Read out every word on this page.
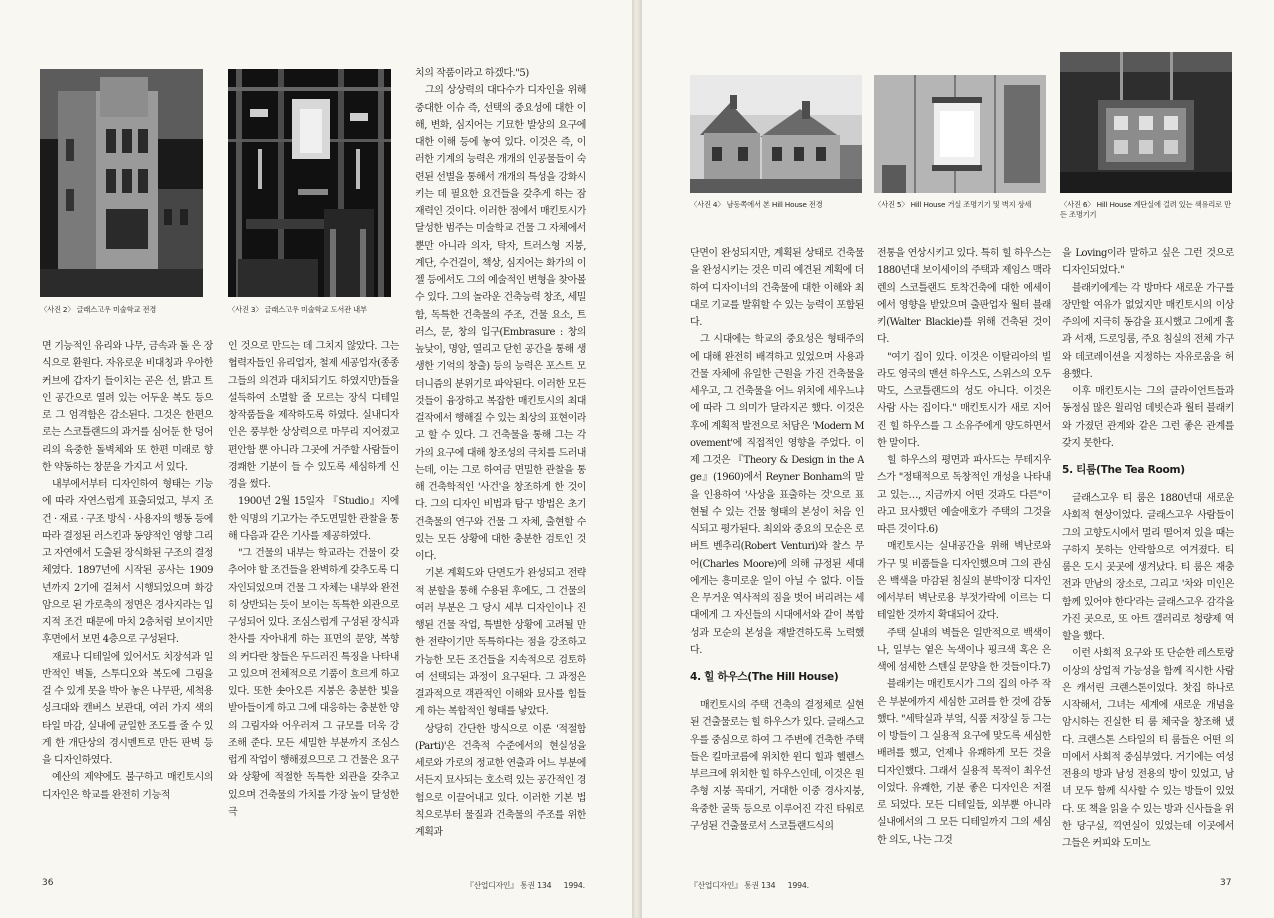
〈사진 2〉 글래스고우 미술학교 전경	〈사진 3〉 글래스고우 미술학교 도서관 내부

면 기능적인 유리와 나무, 금속과 돌 은 장식으로 환원다. 자유로운 비대칭과 우아한 커브에 갑자기 들이치는 곧은 선, 밝고 트인 공간으로 열려 있는 어두운 복도 등으로 그 엄격함은 감소된다. 그것은 한편으로는 스코틀랜드의 과거를 심어둔 한 덩어리의 육중한 돌벽체와 또 한편 미래로 향한 약동하는 창문을 가지고 서 있다.

내부에서부터 디자인하여 형태는 기능에 따라 자연스럽게 표출되었고, 부지 조건 · 재료 · 구조 방식 · 사용자의 행동 등에 따라 결정된 러스킨과 동양적인 영향 그리고 자연에서 도출된 장식화된 구조의 결정체였다. 1897년에 시작된 공사는 1909년까지 2기에 걸쳐서 시행되었으며 화강암으로 된 가로축의 정면은 경사지라는 입지적 조건 때문에 마치 2층처럼 보이지만 후면에서 보면 4층으로 구성된다.

재료나 디테일에 있어서도 치장석과 일반적인 벽돌, 스투디오와 복도에 그림을 걸 수 있게 못을 박아 놓은 나무판, 세척용 싱크대와 캔버스 보관대, 여러 가지 색의 타일 마감, 실내에 균일한 조도를 줄 수 있게 한 개단상의 경시멘트로 만든 판벽 등을 디자인하였다.

예산의 제약에도 불구하고 매킨토시의 디자인은 학교를 완전히 기능적

인 것으로 만드는 데 그치지 않았다. 그는 협력자들인 유리업자, 철제 세공업자(종종 그들의 의견과 대치되기도 하였지만)들을 설득하여 소멸할 줄 모르는 장식 디테일 창작품들을 제작하도록 하였다. 실내디자인은 풍부한 상상력으로 마무리 지어졌고 편안함 뿐 아니라 그곳에 거주할 사람들이 경쾌한 기분이 들 수 있도록 세심하게 신경을 썼다.

1900년 2월 15일자 『Studio』지에 한 익명의 기고가는 주도면밀한 관찰을 통해 다음과 같은 기사를 제공하였다.

"그 건물의 내부는 학교라는 건물이 갖추어야 할 조건들을 완벽하게 갖추도록 디자인되었으며 건물 그 자체는 내부와 완전히 상반되는 듯이 보이는 독특한 외관으로 구성되어 있다. 조심스럽게 구성된 장식과 찬사를 자아내게 하는 표면의 문양, 복향의 커다란 창들은 두드러진 특징을 나타내고 있으며 전체적으로 기품이 흐르게 하고 있다. 또한 솟아오른 지붕은 충분한 빛을 받아들이게 하고 그에 대응하는 충분한 양의 그림자와 어우러져 그 규모를 더욱 강조해 준다. 모든 세밀한 부분까지 조심스럽게 작업이 행해졌으므로 그 건물은 요구와 상황에 적절한 독특한 외관을 갖추고 있으며 건축물의 가치를 가장 높이 달성한 극

치의 작품이라고 하겠다."5)

그의 상상력의 대다수가 디자인을 위해 중대한 이슈 즉, 선택의 중요성에 대한 이해, 변화, 심지어는 기묘한 발상의 요구에 대한 이해 등에 놓여 있다. 이것은 즉, 이러한 기계의 능력은 개개의 인공물들이 숙련된 선별을 통해서 개개의 특성을 강화시키는 데 필요한 요건들을 갖추게 하는 잠재력인 것이다. 이러한 점에서 매킨토시가 달성한 범주는 미술학교 건물 그 자체에서뿐만 아니라 의자, 탁자, 트러스형 지붕, 계단, 수건걸이, 책상, 심지어는 화가의 이젤 등에서도 그의 예술적인 변형을 찾아볼 수 있다. 그의 놀라운 건축능력 창조, 세밀함, 독특한 건축물의 주조, 건물 요소, 트러스, 문, 창의 입구(Embrasure : 창의 높낮이, 명암, 열리고 닫힌 공간을 통해 생생한 기억의 창출) 등의 능력은 포스트 모더니즘의 분위기로 파악된다. 이러한 모든 것들이 융장하고 복잡한 매킨토시의 최대 걸작에서 행해질 수 있는 최상의 표현이라고 할 수 있다. 그 건축물을 통해 그는 각가의 요구에 대해 창조성의 극치를 드러내는데, 이는 그로 하여금 면밀한 관찰을 통해 건축학적인 '사건'을 창조하게 한 것이다. 그의 디자인 비법과 탐구 방법은 초기 건축물의 연구와 건물 그 자체, 출현할 수 있는 모든 상황에 대한 충분한 검토인 것이다.

기본 계획도와 단면도가 완성되고 전략적 분할을 통해 수용된 후에도, 그 건물의 여러 부분은 그 당시 세부 디자인이나 진행된 건물 작업, 특별한 상황에 고려될 만한 전략이기만 독특하다는 점을 강조하고 가능한 모든 조건들을 지속적으로 검토하여 선택되는 과정이 요구된다. 그 과정은 결과적으로 객관적인 이해와 묘사를 힘들게 하는 복합적인 형태를 낳았다.

상당히 간단한 방식으로 이룬 '적절함(Parti)'은 건축적 수준에서의 현실성을 세로와 가로의 정교한 연출과 어느 부분에서든지 묘사되는 호소력 있는 공간적인 경험으로 이끌어내고 있다. 이러한 기본 법칙으로부터 물질과 건축물의 주조를 위한 계획과

36	『산업디자인』 통권 134 1994.
〈사진 4〉 남동쪽에서 본 Hill House 전경	〈사진 5〉 Hill House 거실 조명기기 및 벽지 상세	〈사진 6〉 Hill House 계단실에 걸려 있는 색유리로 만든 조명기기

단면이 완성되지만, 계획된 상태로 건축물을 완성시키는 것은 미리 예견된 계획에 더하여 디자이너의 건축물에 대한 이해와 최대로 기교를 발휘할 수 있는 능력이 포함된다.

그 시대에는 학교의 중요성은 형태주의에 대해 완전히 배격하고 있었으며 사용과 건물 자체에 유일한 근원을 가진 건축물을 세우고, 그 건축물을 어느 위치에 세우느냐에 따라 그 의미가 달라지곤 했다. 이것은 후에 계획적 발전으로 처담은 'Modern Movement'에 직접적인 영향을 주었다. 이제 그것은 『Theory & Design in the Age』(1960)에서 Reyner Bonham의 말을 인용하여 '사상을 표출하는 것'으로 표현될 수 있는 건물 형태의 본성이 처음 인식되고 평가된다. 최외와 중요의 모순은 로버트 벤추리(Robert Venturi)와 찰스 무어(Charles Moore)에 의해 규정된 세대에게는 흥미로운 일이 아닐 수 없다. 이들은 무거운 역사적의 짐을 벗어 버리려는 세대에게 그 자신들의 시대에서와 같이 복합성과 모순의 본성을 재발견하도록 노력했다.

4. 힐 하우스(The Hill House)

매킨토시의 주택 건축의 결정체로 실현된 건출물로는 힐 하우스가 있다. 글래스고우를 중심으로 하여 그 주변에 건축한 주택들은 킬마코름에 위치한 윈디 힐과 헬렌스부르크에 위치한 힐 하우스인데, 이것은 원추형 지붕 꼭대기, 거대한 이중 경사지붕, 육중한 굴뚝 등으로 이루어진 각진 타워로 구성된 건출물로서 스코틀랜드식의

전통을 연상시키고 있다. 특히 힐 하우스는 1880년대 보이세이의 주택과 제임스 맥라렌의 스코틀랜드 토착건축에 대한 에세이에서 영향을 받았으며 출판업자 월터 블래키(Walter Blackie)를 위해 건축된 것이다.

"여기 집이 있다. 이것은 이탈리아의 빌라도 영국의 맨션 하우스도, 스위스의 오두막도, 스코틀랜드의 성도 아니다. 이것은 사람 사는 집이다." 매킨토시가 새로 지어진 힐 하우스를 그 소유주에게 양도하면서 한 말이다.

힐 하우스의 평면과 파사드는 무테지우스가 "정태적으로 독창적인 개성을 나타내고 있는…, 지금까지 어떤 것과도 다른"이라고 묘사했던 예술애호가 주택의 그것을 따른 것이다.6)

매킨토시는 실내공간을 위해 벽난로와 가구 및 비품들을 디자인했으며 그의 관심은 백색을 마감된 침실의 분박이장 디자인에서부터 벽난로용 부젓가락에 이르는 디테일한 것까지 확대되어 갔다.

주택 실내의 벽들은 일반적으로 백색이나, 일부는 옅은 녹색이나 핑크색 혹은 은색에 섬세한 스텐실 문양을 한 것들이다.7)

블래키는 매킨토시가 그의 집의 아주 작은 부분에까지 세심한 고려를 한 것에 감동했다. "세탁실과 부엌, 식품 저장실 등 그는 이 방들이 그 실용적 요구에 맞도록 세심한 배려를 했고, 언제나 유쾌하게 모든 것을 디자인했다. 그래서 실용적 목적이 최우선이었다. 유쾌한, 기분 좋은 디자인은 저절로 되었다. 모든 디테일들, 외부뿐 아니라 실내에서의 그 모든 디테일까지 그의 세심한 의도, 나는 그것

을 Loving이라 말하고 싶은 그런 것으로 디자인되었다."

블래키에게는 각 방마다 새로운 가구를 장만할 여유가 없었지만 매킨토시의 이상주의에 지극히 동감을 표시했고 그에게 홀과 서재, 드로잉룸, 주요 침실의 전체 가구와 데코레이션을 지정하는 자유로움을 허용했다.

이후 매킨토시는 그의 클라이언트들과 동정심 많은 윌리엄 데빗슨과 월터 블래키와 가졌던 관계와 같은 그런 좋은 관계를 갖지 못한다.

5. 티룸(The Tea Room)

글래스고우 티 룸은 1880년대 새로운 사회적 현상이었다. 글래스고우 사람들이 그의 고향도시에서 멀리 떨어져 있을 때는 구하지 못하는 안락함으로 여겨졌다. 티 룸은 도시 곳곳에 생겨났다. 티 룸은 재충전과 만남의 장소로, 그리고 '차와 미인은 함께 있어야 한다'라는 글래스고우 감각을 가진 곳으로, 또 아트 갤러리로 청량제 역할을 했다.

이런 사회적 요구와 또 단순한 레스토랑 이상의 상업적 가능성을 함께 직시한 사람은 캐서린 크랜스톤이었다. 찻집 하나로 시작해서, 그녀는 세계에 새로운 개념을 암시하는 진실한 티 룸 체국을 창조해 냈다. 크랜스톤 스타일의 티 룸들은 어떤 의미에서 사회적 중심부였다. 거기에는 여성 전용의 방과 남성 전용의 방이 있었고, 남녀 모두 함께 식사할 수 있는 방들이 있었다. 또 책을 읽을 수 있는 방과 신사들을 위한 당구실, 끽연실이 있었는데 이곳에서 그들은 커피와 도미노

『산업디자인』 통권 134 1994.	37
